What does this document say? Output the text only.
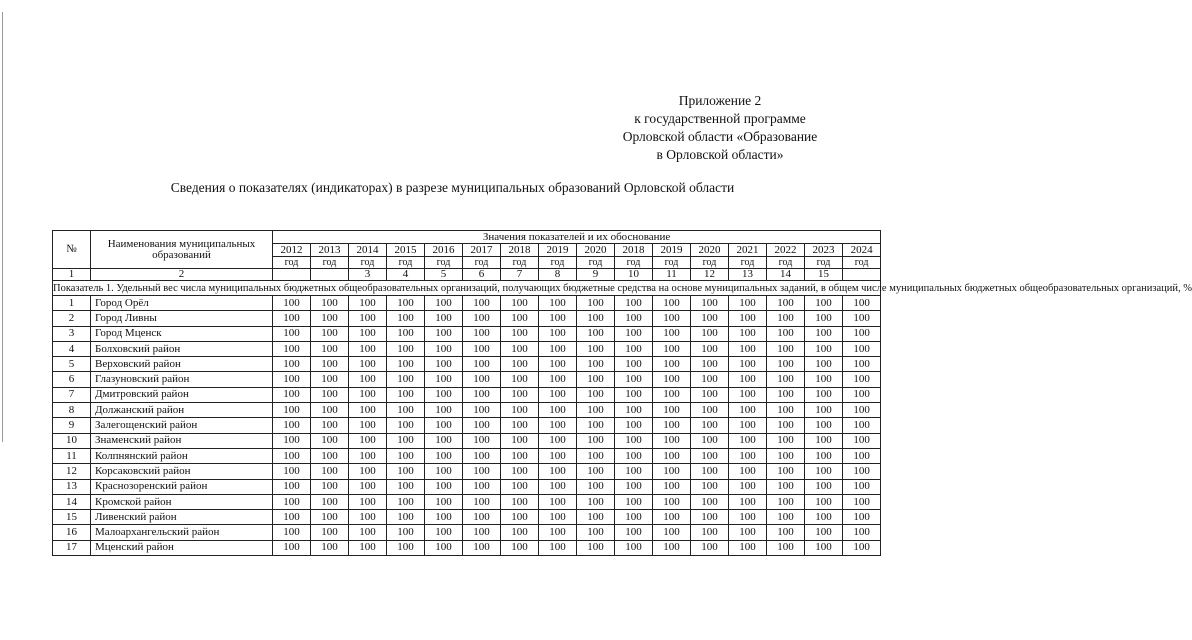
Приложение 2
к государственной программе
Орловской области «Образование
в Орловской области»
Сведения о показателях (индикаторах) в разрезе муниципальных образований Орловской области
№	Наименования муниципальных образований	Значения показателей и их обоснование															
		2012	2013	2014	2015	2016	2017	2018	2019	2020	2018	2019	2020	2021	2022	2023	2024
		год	год	год	год	год	год	год	год	год	год	год	год	год	год	год	год
1	2			3	4	5	6	7	8	9	10	11	12	13	14	15	
Показатель 1. Удельный вес числа муниципальных бюджетных общеобразовательных организаций, получающих бюджетные средства на основе муниципальных заданий, в общем числе муниципальных бюджетных общеобразовательных организаций, %																	
1	Город Орёл	100	100	100	100	100	100	100	100	100	100	100	100	100	100	100	100
2	Город Ливны	100	100	100	100	100	100	100	100	100	100	100	100	100	100	100	100
3	Город Мценск	100	100	100	100	100	100	100	100	100	100	100	100	100	100	100	100
4	Болховский район	100	100	100	100	100	100	100	100	100	100	100	100	100	100	100	100
5	Верховский район	100	100	100	100	100	100	100	100	100	100	100	100	100	100	100	100
6	Глазуновский район	100	100	100	100	100	100	100	100	100	100	100	100	100	100	100	100
7	Дмитровский район	100	100	100	100	100	100	100	100	100	100	100	100	100	100	100	100
8	Должанский район	100	100	100	100	100	100	100	100	100	100	100	100	100	100	100	100
9	Залегощенский район	100	100	100	100	100	100	100	100	100	100	100	100	100	100	100	100
10	Знаменский район	100	100	100	100	100	100	100	100	100	100	100	100	100	100	100	100
11	Колпнянский район	100	100	100	100	100	100	100	100	100	100	100	100	100	100	100	100
12	Корсаковский район	100	100	100	100	100	100	100	100	100	100	100	100	100	100	100	100
13	Краснозоренский район	100	100	100	100	100	100	100	100	100	100	100	100	100	100	100	100
14	Кромской район	100	100	100	100	100	100	100	100	100	100	100	100	100	100	100	100
15	Ливенский район	100	100	100	100	100	100	100	100	100	100	100	100	100	100	100	100
16	Малоархангельский район	100	100	100	100	100	100	100	100	100	100	100	100	100	100	100	100
17	Мценский район	100	100	100	100	100	100	100	100	100	100	100	100	100	100	100	100
